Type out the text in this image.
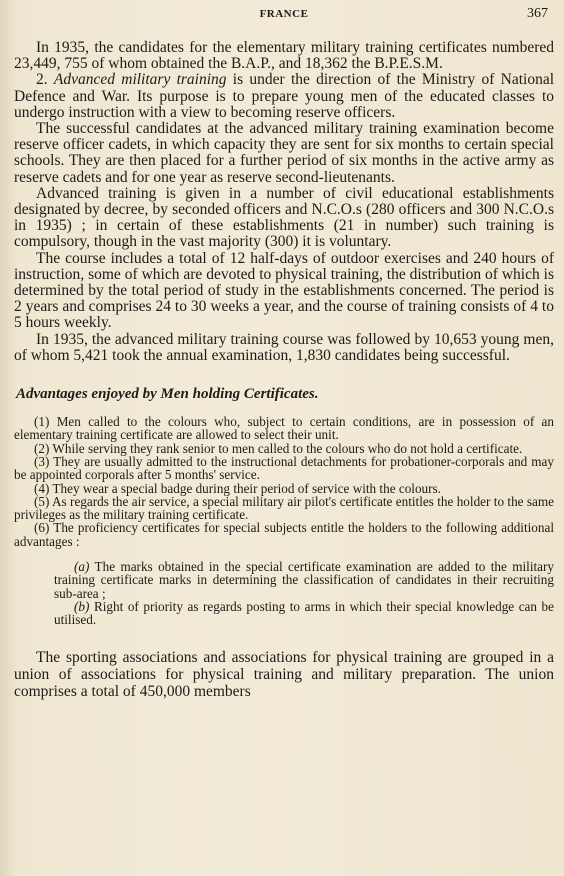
FRANCE	367

In 1935, the candidates for the elementary military training certificates numbered 23,449, 755 of whom obtained the B.A.P., and 18,362 the B.P.E.S.M.

2. Advanced military training is under the direction of the Ministry of National Defence and War. Its purpose is to prepare young men of the educated classes to undergo instruction with a view to becoming reserve officers.

The successful candidates at the advanced military training examination become reserve officer cadets, in which capacity they are sent for six months to certain special schools. They are then placed for a further period of six months in the active army as reserve cadets and for one year as reserve second-lieutenants.

Advanced training is given in a number of civil educational establishments designated by decree, by seconded officers and N.C.O.s (280 officers and 300 N.C.O.s in 1935) ; in certain of these establishments (21 in number) such training is compulsory, though in the vast majority (300) it is voluntary.

The course includes a total of 12 half-days of outdoor exercises and 240 hours of instruction, some of which are devoted to physical training, the distribution of which is determined by the total period of study in the establishments concerned. The period is 2 years and comprises 24 to 30 weeks a year, and the course of training consists of 4 to 5 hours weekly.

In 1935, the advanced military training course was followed by 10,653 young men, of whom 5,421 took the annual examination, 1,830 candidates being successful.

Advantages enjoyed by Men holding Certificates.

(1) Men called to the colours who, subject to certain conditions, are in possession of an elementary training certificate are allowed to select their unit.

(2) While serving they rank senior to men called to the colours who do not hold a certificate.

(3) They are usually admitted to the instructional detachments for probationer-corporals and may be appointed corporals after 5 months' service.

(4) They wear a special badge during their period of service with the colours.

(5) As regards the air service, a special military air pilot's certificate entitles the holder to the same privileges as the military training certificate.

(6) The proficiency certificates for special subjects entitle the holders to the following additional advantages :

(a) The marks obtained in the special certificate examination are added to the military training certificate marks in determining the classification of candidates in their recruiting sub-area ;

(b) Right of priority as regards posting to arms in which their special knowledge can be utilised.

The sporting associations and associations for physical training are grouped in a union of associations for physical training and military preparation. The union comprises a total of 450,000 members
